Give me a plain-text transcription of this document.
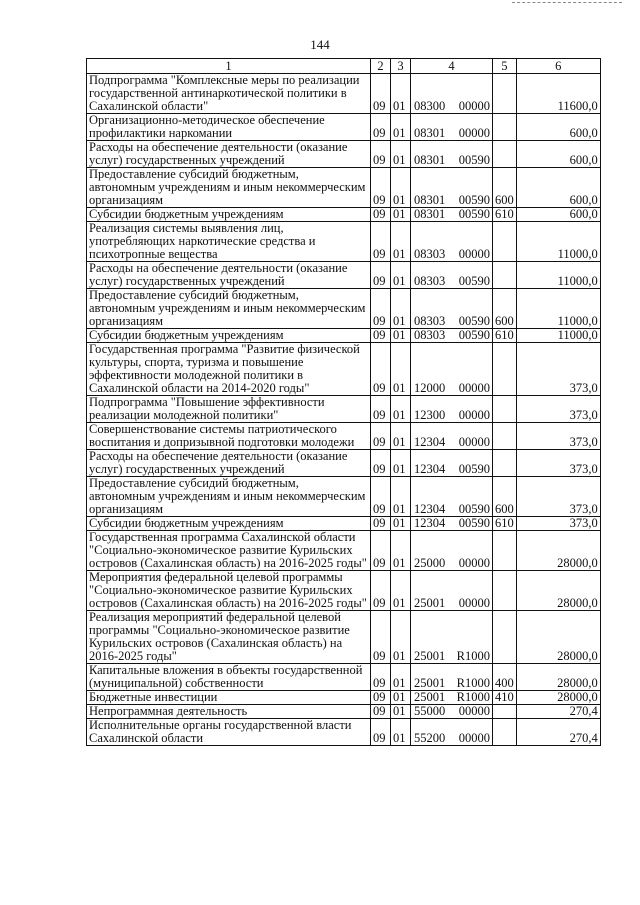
144
1	2	3	4	5	6
Подпрограмма "Комплексные меры по реализации государственной антинаркотической политики в Сахалинской области"	09	01	08300 00000		11600,0
Организационно-методическое обеспечение профилактики наркомании	09	01	08301 00000		600,0
Расходы на обеспечение деятельности (оказание услуг) государственных учреждений	09	01	08301 00590		600,0
Предоставление субсидий бюджетным, автономным учреждениям и иным некоммерческим организациям	09	01	08301 00590	600	600,0
Субсидии бюджетным учреждениям	09	01	08301 00590	610	600,0
Реализация системы выявления лиц, употребляющих наркотические средства и психотропные вещества	09	01	08303 00000		11000,0
Расходы на обеспечение деятельности (оказание услуг) государственных учреждений	09	01	08303 00590		11000,0
Предоставление субсидий бюджетным, автономным учреждениям и иным некоммерческим организациям	09	01	08303 00590	600	11000,0
Субсидии бюджетным учреждениям	09	01	08303 00590	610	11000,0
Государственная программа "Развитие физической культуры, спорта, туризма и повышение эффективности молодежной политики в Сахалинской области на 2014-2020 годы"	09	01	12000 00000		373,0
Подпрограмма "Повышение эффективности реализации молодежной политики"	09	01	12300 00000		373,0
Совершенствование системы патриотического воспитания и допризывной подготовки молодежи	09	01	12304 00000		373,0
Расходы на обеспечение деятельности (оказание услуг) государственных учреждений	09	01	12304 00590		373,0
Предоставление субсидий бюджетным, автономным учреждениям и иным некоммерческим организациям	09	01	12304 00590	600	373,0
Субсидии бюджетным учреждениям	09	01	12304 00590	610	373,0
Государственная программа Сахалинской области "Социально-экономическое развитие Курильских островов (Сахалинская область) на 2016-2025 годы"	09	01	25000 00000		28000,0
Мероприятия федеральной целевой программы "Социально-экономическое развитие Курильских островов (Сахалинская область) на 2016-2025 годы"	09	01	25001 00000		28000,0
Реализация мероприятий федеральной целевой программы "Социально-экономическое развитие Курильских островов (Сахалинская область) на 2016-2025 годы"	09	01	25001 R1000		28000,0
Капитальные вложения в объекты государственной (муниципальной) собственности	09	01	25001 R1000	400	28000,0
Бюджетные инвестиции	09	01	25001 R1000	410	28000,0
Непрограммная деятельность	09	01	55000 00000		270,4
Исполнительные органы государственной власти Сахалинской области	09	01	55200 00000		270,4
